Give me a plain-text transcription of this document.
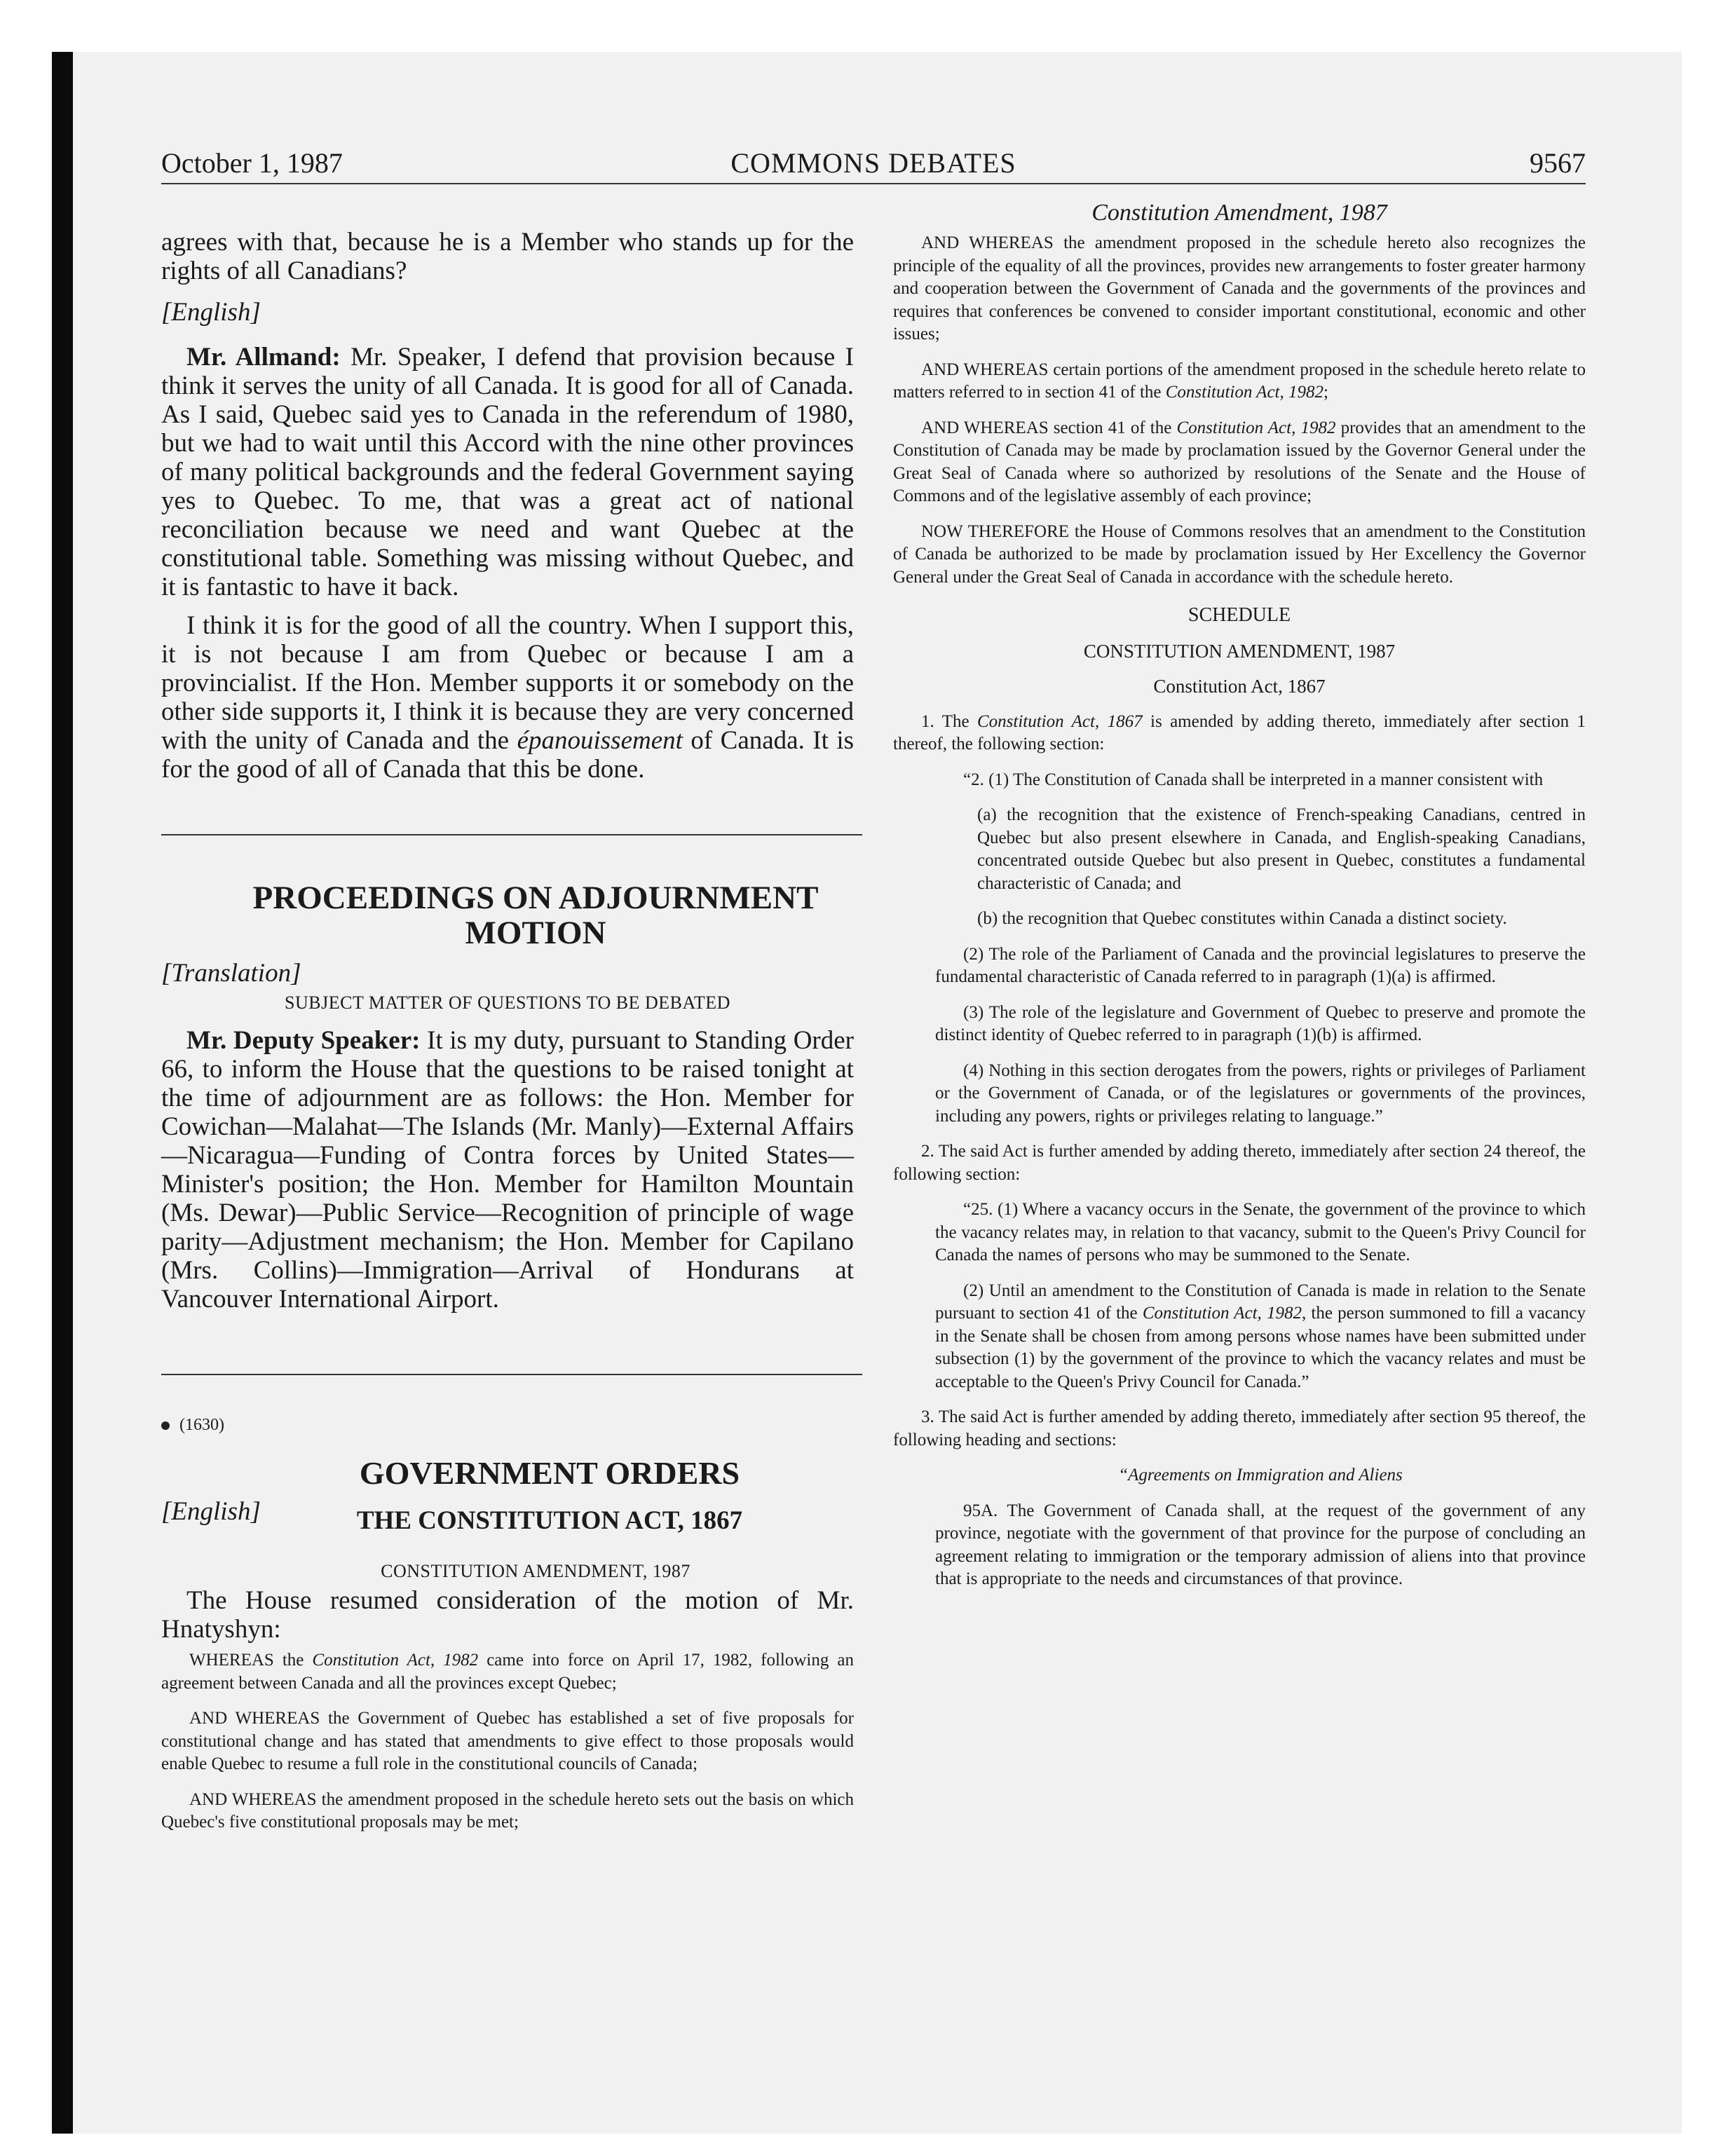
October 1, 1987	COMMONS DEBATES	9567

agrees with that, because he is a Member who stands up for the rights of all Canadians?

[English]

Mr. Allmand: Mr. Speaker, I defend that provision because I think it serves the unity of all Canada. It is good for all of Canada. As I said, Quebec said yes to Canada in the referendum of 1980, but we had to wait until this Accord with the nine other provinces of many political backgrounds and the federal Government saying yes to Quebec. To me, that was a great act of national reconciliation because we need and want Quebec at the constitutional table. Something was missing without Quebec, and it is fantastic to have it back.

I think it is for the good of all the country. When I support this, it is not because I am from Quebec or because I am a provincialist. If the Hon. Member supports it or somebody on the other side supports it, I think it is because they are very concerned with the unity of Canada and the épanouissement of Canada. It is for the good of all of Canada that this be done.

PROCEEDINGS ON ADJOURNMENT
MOTION
[Translation]
SUBJECT MATTER OF QUESTIONS TO BE DEBATED

Mr. Deputy Speaker: It is my duty, pursuant to Standing Order 66, to inform the House that the questions to be raised tonight at the time of adjournment are as follows: the Hon. Member for Cowichan—Malahat—The Islands (Mr. Manly)—External Affairs—Nicaragua—Funding of Contra forces by United States—Minister's position; the Hon. Member for Hamilton Mountain (Ms. Dewar)—Public Service—Recognition of principle of wage parity—Adjustment mechanism; the Hon. Member for Capilano (Mrs. Collins)—Immigration—Arrival of Hondurans at Vancouver International Airport.

(1630)
GOVERNMENT ORDERS
[English]	THE CONSTITUTION ACT, 1867
CONSTITUTION AMENDMENT, 1987

The House resumed consideration of the motion of Mr. Hnatyshyn:

WHEREAS the Constitution Act, 1982 came into force on April 17, 1982, following an agreement between Canada and all the provinces except Quebec;

AND WHEREAS the Government of Quebec has established a set of five proposals for constitutional change and has stated that amendments to give effect to those proposals would enable Quebec to resume a full role in the constitutional councils of Canada;

AND WHEREAS the amendment proposed in the schedule hereto sets out the basis on which Quebec's five constitutional proposals may be met;

Constitution Amendment, 1987

AND WHEREAS the amendment proposed in the schedule hereto also recognizes the principle of the equality of all the provinces, provides new arrangements to foster greater harmony and cooperation between the Government of Canada and the governments of the provinces and requires that conferences be convened to consider important constitutional, economic and other issues;

AND WHEREAS certain portions of the amendment proposed in the schedule hereto relate to matters referred to in section 41 of the Constitution Act, 1982;

AND WHEREAS section 41 of the Constitution Act, 1982 provides that an amendment to the Constitution of Canada may be made by proclamation issued by the Governor General under the Great Seal of Canada where so authorized by resolutions of the Senate and the House of Commons and of the legislative assembly of each province;

NOW THEREFORE the House of Commons resolves that an amendment to the Constitution of Canada be authorized to be made by proclamation issued by Her Excellency the Governor General under the Great Seal of Canada in accordance with the schedule hereto.

SCHEDULE

CONSTITUTION AMENDMENT, 1987

Constitution Act, 1867

1. The Constitution Act, 1867 is amended by adding thereto, immediately after section 1 thereof, the following section:

“2. (1) The Constitution of Canada shall be interpreted in a manner consistent with

(a) the recognition that the existence of French-speaking Canadians, centred in Quebec but also present elsewhere in Canada, and English-speaking Canadians, concentrated outside Quebec but also present in Quebec, constitutes a fundamental characteristic of Canada; and

(b) the recognition that Quebec constitutes within Canada a distinct society.

(2) The role of the Parliament of Canada and the provincial legislatures to preserve the fundamental characteristic of Canada referred to in paragraph (1)(a) is affirmed.

(3) The role of the legislature and Government of Quebec to preserve and promote the distinct identity of Quebec referred to in paragraph (1)(b) is affirmed.

(4) Nothing in this section derogates from the powers, rights or privileges of Parliament or the Government of Canada, or of the legislatures or governments of the provinces, including any powers, rights or privileges relating to language.”

2. The said Act is further amended by adding thereto, immediately after section 24 thereof, the following section:

“25. (1) Where a vacancy occurs in the Senate, the government of the province to which the vacancy relates may, in relation to that vacancy, submit to the Queen's Privy Council for Canada the names of persons who may be summoned to the Senate.

(2) Until an amendment to the Constitution of Canada is made in relation to the Senate pursuant to section 41 of the Constitution Act, 1982, the person summoned to fill a vacancy in the Senate shall be chosen from among persons whose names have been submitted under subsection (1) by the government of the province to which the vacancy relates and must be acceptable to the Queen's Privy Council for Canada.”

3. The said Act is further amended by adding thereto, immediately after section 95 thereof, the following heading and sections:

“Agreements on Immigration and Aliens

95A. The Government of Canada shall, at the request of the government of any province, negotiate with the government of that province for the purpose of concluding an agreement relating to immigration or the temporary admission of aliens into that province that is appropriate to the needs and circumstances of that province.
